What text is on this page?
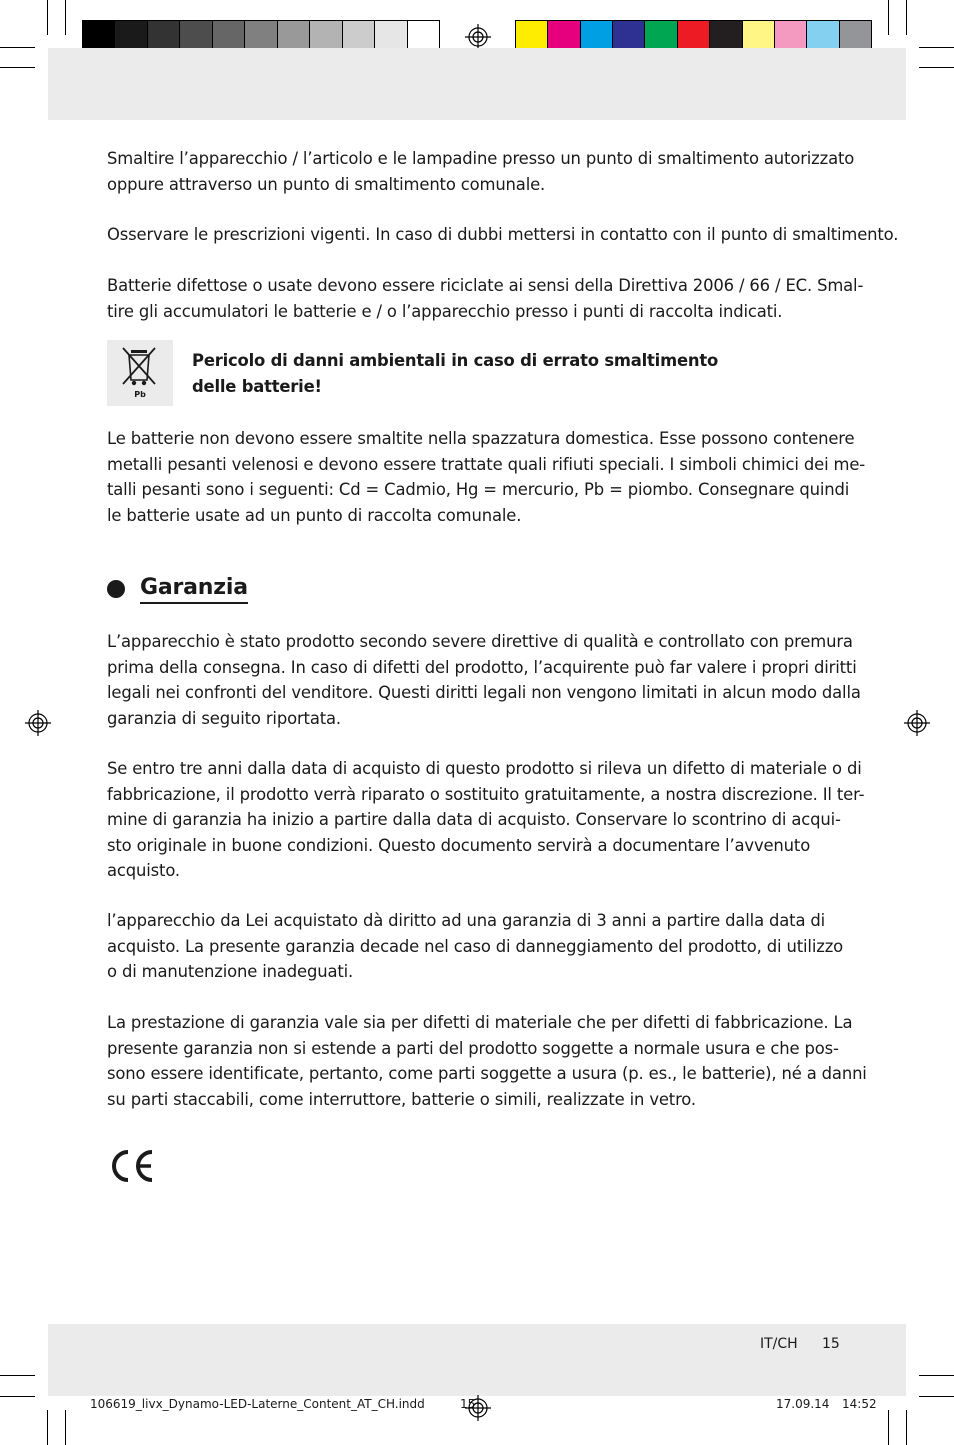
Smaltire l’apparecchio / l’articolo e le lampadine presso un punto di smaltimento autorizzato
oppure attraverso un punto di smaltimento comunale.
Osservare le prescrizioni vigenti. In caso di dubbi mettersi in contatto con il punto di smaltimento.
Batterie difettose o usate devono essere riciclate ai sensi della Direttiva 2006 / 66 / EC. Smal-
tire gli accumulatori le batterie e / o l’apparecchio presso i punti di raccolta indicati.
Pb
Pericolo di danni ambientali in caso di errato smaltimento
delle batterie!
Le batterie non devono essere smaltite nella spazzatura domestica. Esse possono contenere
metalli pesanti velenosi e devono essere trattate quali rifiuti speciali. I simboli chimici dei me-
talli pesanti sono i seguenti: Cd = Cadmio, Hg = mercurio, Pb = piombo. Consegnare quindi
le batterie usate ad un punto di raccolta comunale.
Garanzia
L’apparecchio è stato prodotto secondo severe direttive di qualità e controllato con premura
prima della consegna. In caso di difetti del prodotto, l’acquirente può far valere i propri diritti
legali nei confronti del venditore. Questi diritti legali non vengono limitati in alcun modo dalla
garanzia di seguito riportata.
Se entro tre anni dalla data di acquisto di questo prodotto si rileva un difetto di materiale o di
fabbricazione, il prodotto verrà riparato o sostituito gratuitamente, a nostra discrezione. Il ter-
mine di garanzia ha inizio a partire dalla data di acquisto. Conservare lo scontrino di acqui-
sto originale in buone condizioni. Questo documento servirà a documentare l’avvenuto
acquisto.
l’apparecchio da Lei acquistato dà diritto ad una garanzia di 3 anni a partire dalla data di
acquisto. La presente garanzia decade nel caso di danneggiamento del prodotto, di utilizzo
o di manutenzione inadeguati.
La prestazione di garanzia vale sia per difetti di materiale che per difetti di fabbricazione. La
presente garanzia non si estende a parti del prodotto soggette a normale usura e che pos-
sono essere identificate, pertanto, come parti soggette a usura (p. es., le batterie), né a danni
su parti staccabili, come interruttore, batterie o simili, realizzate in vetro.
IT/CH 15
106619_livx_Dynamo-LED-Laterne_Content_AT_CH.indd	15	17.09.14 14:52
